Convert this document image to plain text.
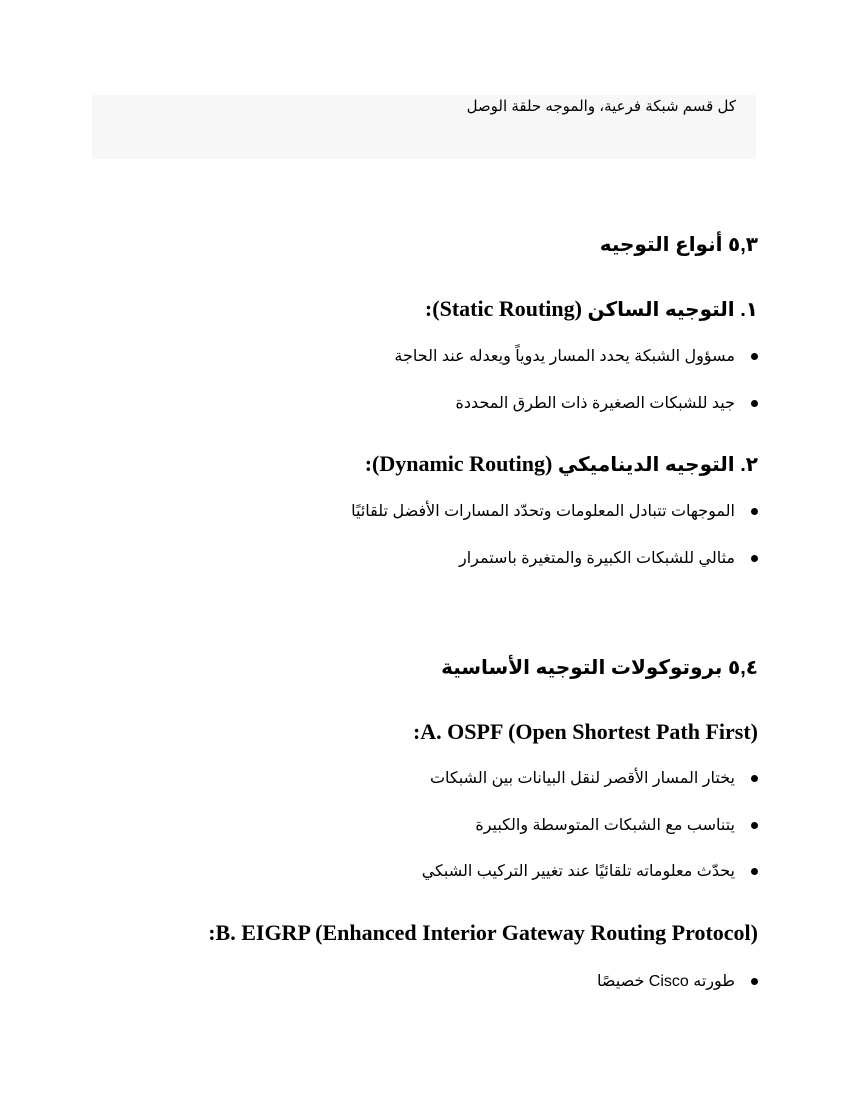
كل قسم شبكة فرعية، والموجه حلقة الوصل
٥,٣ أنواع التوجيه
١. التوجيه الساكن (Static Routing):
مسؤول الشبكة يحدد المسار يدوياً ويعدله عند الحاجة
جيد للشبكات الصغيرة ذات الطرق المحددة
٢. التوجيه الديناميكي (Dynamic Routing):
الموجهات تتبادل المعلومات وتحدّد المسارات الأفضل تلقائيًا
مثالي للشبكات الكبيرة والمتغيرة باستمرار
٥,٤ بروتوكولات التوجيه الأساسية
:A. OSPF (Open Shortest Path First)
يختار المسار الأقصر لنقل البيانات بين الشبكات
يتناسب مع الشبكات المتوسطة والكبيرة
يحدّث معلوماته تلقائيًا عند تغيير التركيب الشبكي
:B. EIGRP (Enhanced Interior Gateway Routing Protocol)
طورته Cisco خصيصًا
